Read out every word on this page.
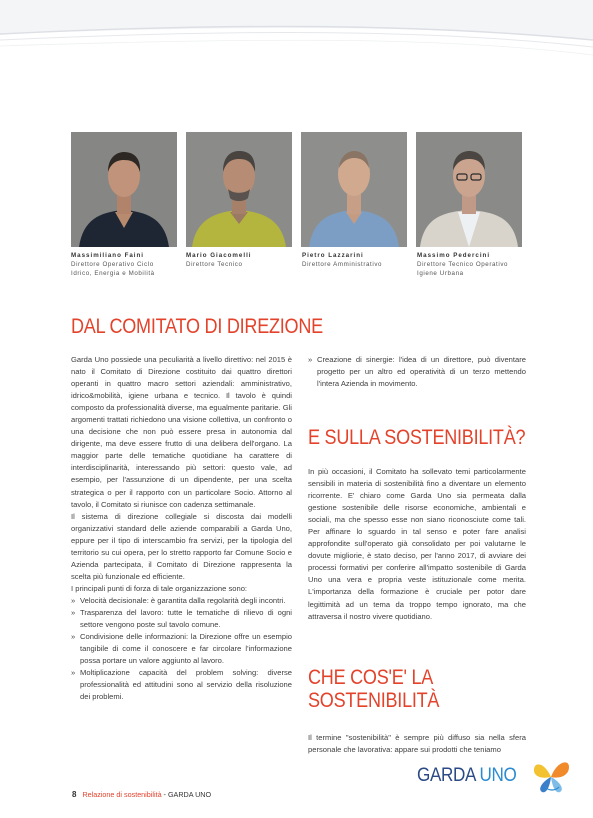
Massimiliano Faini
Direttore Operativo Ciclo
Idrico, Energia e Mobilità
Mario Giacomelli
Direttore Tecnico
Pietro Lazzarini
Direttore Amministrativo
Massimo Pedercini
Direttore Tecnico Operativo
Igiene Urbana
DAL COMITATO DI DIREZIONE

Garda Uno possiede una peculiarità a livello direttivo: nel 2015 è nato il Comitato di Direzione costituito dai quattro direttori operanti in quattro macro settori aziendali: amministrativo, idrico&mobilità, igiene urbana e tecnico. Il tavolo è quindi composto da professionalità diverse, ma egualmente paritarie. Gli argomenti trattati richiedono una visione collettiva, un confronto o una decisione che non può essere presa in autonomia dal dirigente, ma deve essere frutto di una delibera dell'organo. La maggior parte delle tematiche quotidiane ha carattere di interdisciplinarità, interessando più settori: questo vale, ad esempio, per l'assunzione di un dipendente, per una scelta strategica o per il rapporto con un particolare Socio. Attorno al tavolo, il Comitato si riunisce con cadenza settimanale.

Il sistema di direzione collegiale si discosta dai modelli organizzativi standard delle aziende comparabili a Garda Uno, eppure per il tipo di interscambio fra servizi, per la tipologia del territorio su cui opera, per lo stretto rapporto far Comune Socio e Azienda partecipata, il Comitato di Direzione rappresenta la scelta più funzionale ed efficiente.

I principali punti di forza di tale organizzazione sono:

» Velocità decisionale: è garantita dalla regolarità degli incontri.
» Trasparenza del lavoro: tutte le tematiche di rilievo di ogni settore vengono poste sul tavolo comune.
» Condivisione delle informazioni: la Direzione offre un esempio tangibile di come il conoscere e far circolare l'informazione possa portare un valore aggiunto al lavoro.
» Moltiplicazione capacità del problem solving: diverse professionalità ed attitudini sono al servizio della risoluzione dei problemi.
» Creazione di sinergie: l'idea di un direttore, può diventare progetto per un altro ed operatività di un terzo mettendo l'intera Azienda in movimento.
E SULLA SOSTENIBILITÀ?

In più occasioni, il Comitato ha sollevato temi particolarmente sensibili in materia di sostenibilità fino a diventare un elemento ricorrente. E' chiaro come Garda Uno sia permeata dalla gestione sostenibile delle risorse economiche, ambientali e sociali, ma che spesso esse non siano riconosciute come tali. Per affinare lo sguardo in tal senso e poter fare analisi approfondite sull'operato già consolidato per poi valutarne le dovute migliorie, è stato deciso, per l'anno 2017, di avviare dei processi formativi per conferire all'impatto sostenibile di Garda Uno una vera e propria veste istituzionale come merita. L'importanza della formazione è cruciale per potor dare legittimità ad un tema da troppo tempo ignorato, ma che attraversa il nostro vivere quotidiano.

CHE COS'E' LA
SOSTENIBILITÀ

Il termine "sostenibilità" è sempre più diffuso sia nella sfera personale che lavorativa: appare sui prodotti che teniamo

8 Relazione di sostenibilità - GARDA UNO
GARDA UNO
